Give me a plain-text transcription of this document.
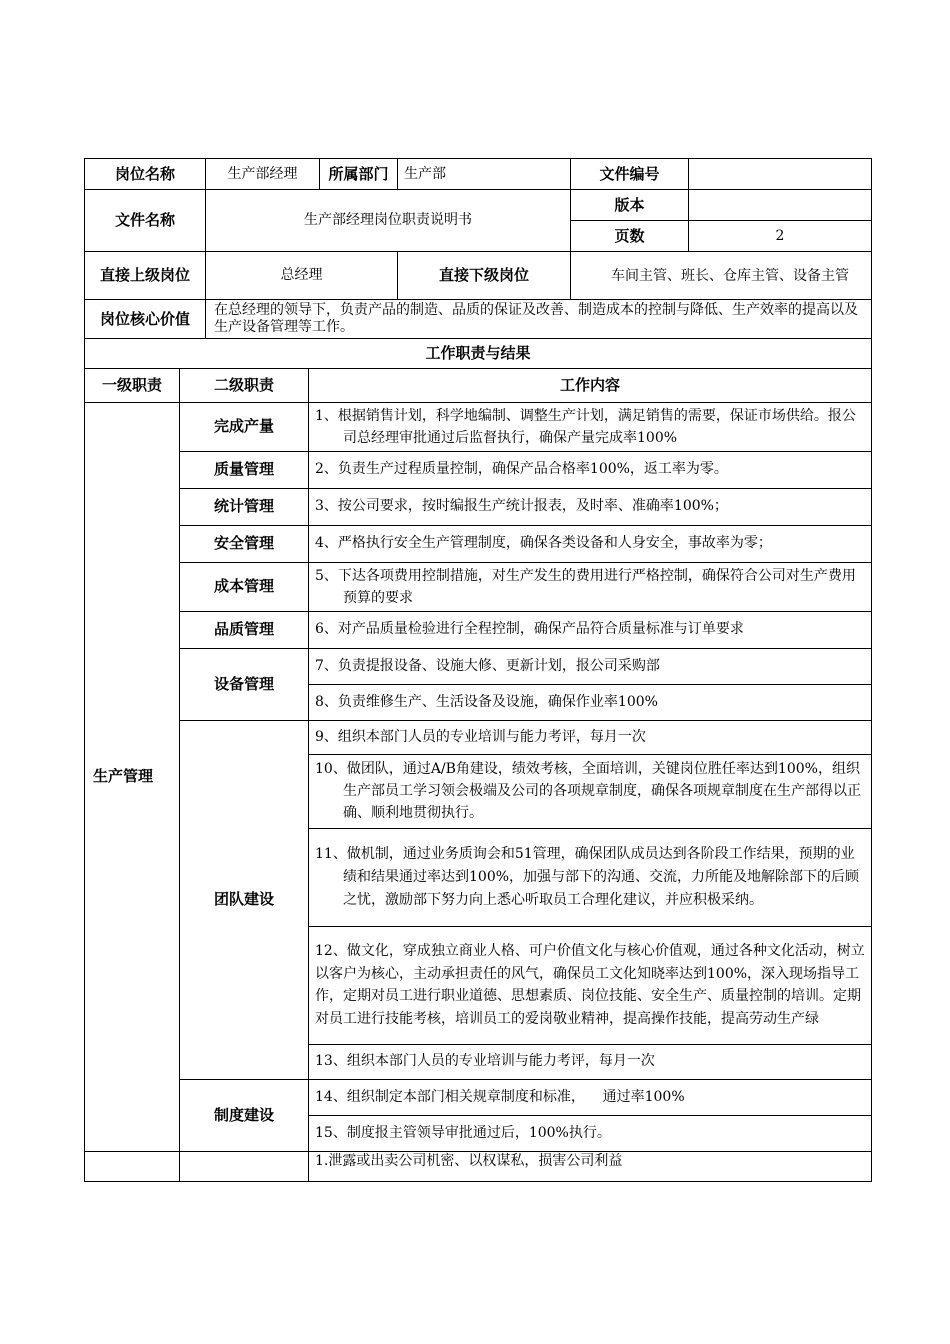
岗位名称	生产部经理	所属部门	生产部	文件编号	
文件名称	生产部经理岗位职责说明书			版本	
				页数	2
直接上级岗位	总经理		直接下级岗位	车间主管、班长、仓库主管、设备主管	
岗位核心价值	在总经理的领导下，负责产品的制造、品质的保证及改善、制造成本的控制与降低、生产效率的提高以及生产设备管理等工作。				
工作职责与结果		
一级职责	二级职责	工作内容
生产管理	完成产量	1、根据销售计划，科学地编制、调整生产计划，满足销售的需要，保证市场供给。报公司总经理审批通过后监督执行，确保产量完成率100%
	质量管理	2、负责生产过程质量控制，确保产品合格率100%，返工率为零。
	统计管理	3、按公司要求，按时编报生产统计报表，及时率、准确率100%；
	安全管理	4、严格执行安全生产管理制度，确保各类设备和人身安全，事故率为零；
	成本管理	5、下达各项费用控制措施，对生产发生的费用进行严格控制，确保符合公司对生产费用预算的要求
	品质管理	6、对产品质量检验进行全程控制，确保产品符合质量标准与订单要求
	设备管理	7、负责提报设备、设施大修、更新计划，报公司采购部
		8、负责维修生产、生活设备及设施，确保作业率100%
	团队建设	9、组织本部门人员的专业培训与能力考评，每月一次
		10、做团队，通过A/B角建设，绩效考核，全面培训，关键岗位胜任率达到100%，组织生产部员工学习领会极端及公司的各项规章制度，确保各项规章制度在生产部得以正确、顺利地贯彻执行。
		11、做机制，通过业务质询会和51管理，确保团队成员达到各阶段工作结果，预期的业绩和结果通过率达到100%，加强与部下的沟通、交流，力所能及地解除部下的后顾之忧，激励部下努力向上悉心听取员工合理化建议，并应积极采纳。
		12、做文化，穿成独立商业人格、可户价值文化与核心价值观，通过各种文化活动，树立以客户为核心，主动承担责任的风气，确保员工文化知晓率达到100%，深入现场指导工作，定期对员工进行职业道德、思想素质、岗位技能、安全生产、质量控制的培训。定期对员工进行技能考核，培训员工的爱岗敬业精神，提高操作技能，提高劳动生产绿
		13、组织本部门人员的专业培训与能力考评，每月一次
	制度建设	14、组织制定本部门相关规章制度和标准，    通过率100%
		15、制度报主管领导审批通过后，100%执行。
		1.泄露或出卖公司机密、以权谋私，损害公司利益
